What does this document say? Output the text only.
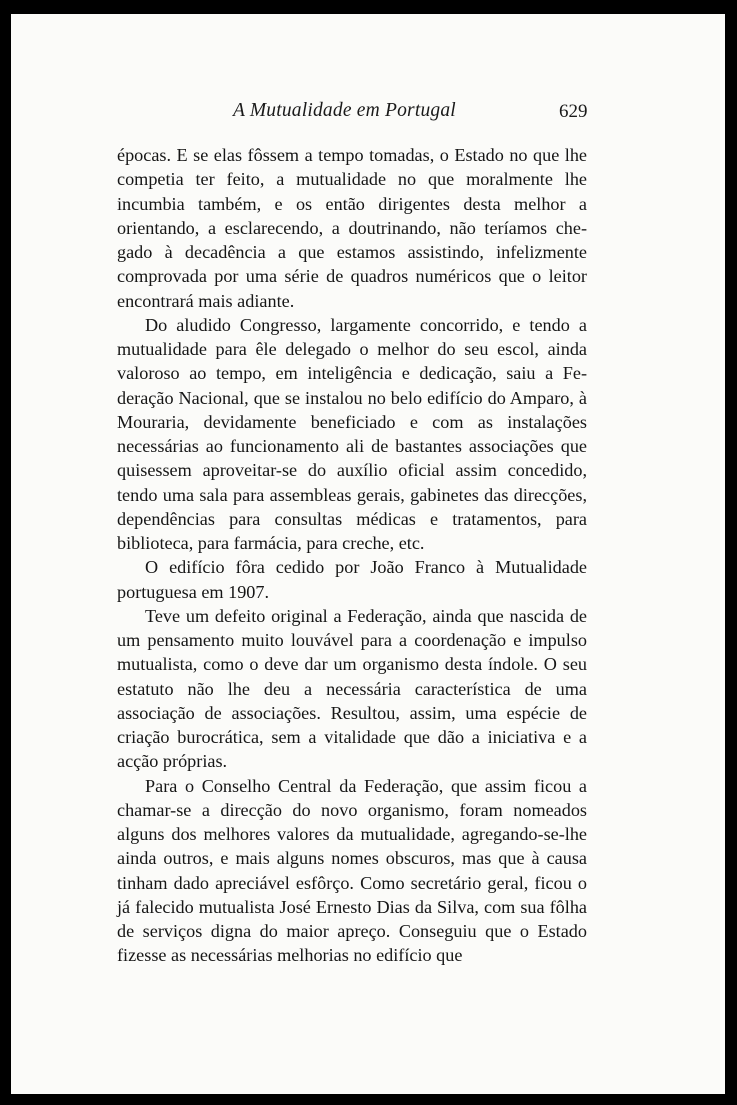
A Mutualidade em Portugal	629

épocas. E se elas fôssem a tempo tomadas, o Estado no que lhe competia ter feito, a mutualidade no que moralmente lhe incumbia também, e os então dirigentes desta melhor a orientando, a esclarecendo, a doutrinando, não teríamos chegado à decadência a que estamos assistindo, infelizmente comprovada por uma série de quadros numéricos que o leitor encontrará mais adiante.

Do aludido Congresso, largamente concorrido, e tendo a mutualidade para êle delegado o melhor do seu escol, ainda valoroso ao tempo, em inteligência e dedicação, saiu a Federação Nacional, que se instalou no belo edifício do Amparo, à Mouraria, devidamente beneficiado e com as instalações necessárias ao funcionamento ali de bastantes associações que quisessem aproveitar-se do auxílio oficial assim concedido, tendo uma sala para assembleas gerais, gabinetes das direcções, dependências para consultas médicas e tratamentos, para biblioteca, para farmácia, para creche, etc.

O edifício fôra cedido por João Franco à Mutualidade portuguesa em 1907.

Teve um defeito original a Federação, ainda que nascida de um pensamento muito louvável para a coordenação e impulso mutualista, como o deve dar um organismo desta índole. O seu estatuto não lhe deu a necessária característica de uma associação de associações. Resultou, assim, uma espécie de criação burocrática, sem a vitalidade que dão a iniciativa e a acção próprias.

Para o Conselho Central da Federação, que assim ficou a chamar-se a direcção do novo organismo, foram nomeados alguns dos melhores valores da mutualidade, agregando-se-lhe ainda outros, e mais alguns nomes obscuros, mas que à causa tinham dado apreciável esfôrço. Como secretário geral, ficou o já falecido mutualista José Ernesto Dias da Silva, com sua fôlha de serviços digna do maior apreço. Conseguiu que o Estado fizesse as necessárias melhorias no edifício que
